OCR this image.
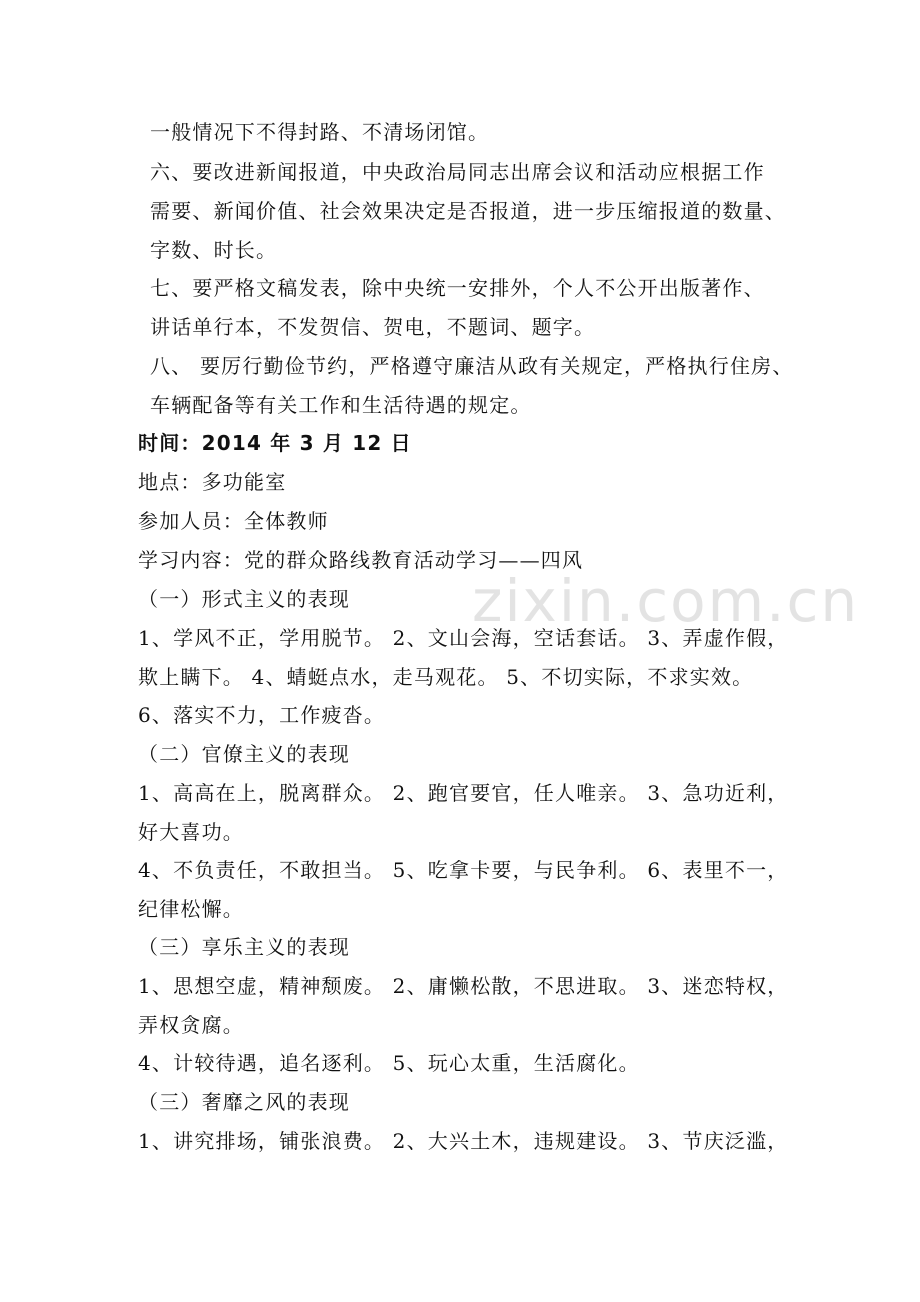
zixin.com.cn
一般情况下不得封路、不清场闭馆。
六、要改进新闻报道，中央政治局同志出席会议和活动应根据工作
需要、新闻价值、社会效果决定是否报道，进一步压缩报道的数量、
字数、时长。
七、要严格文稿发表，除中央统一安排外，个人不公开出版著作、
讲话单行本，不发贺信、贺电，不题词、题字。
八、 要厉行勤俭节约，严格遵守廉洁从政有关规定，严格执行住房、
车辆配备等有关工作和生活待遇的规定。
时间：2014 年 3 月 12 日
地点：多功能室
参加人员：全体教师
学习内容：党的群众路线教育活动学习——四风
（一）形式主义的表现
1、学风不正，学用脱节。 2、文山会海，空话套话。 3、弄虚作假，
欺上瞒下。 4、蜻蜓点水，走马观花。 5、不切实际，不求实效。
6、落实不力，工作疲沓。
（二）官僚主义的表现
1、高高在上，脱离群众。 2、跑官要官，任人唯亲。 3、急功近利，
好大喜功。
4、不负责任，不敢担当。 5、吃拿卡要，与民争利。 6、表里不一，
纪律松懈。
（三）享乐主义的表现
1、思想空虚，精神颓废。 2、庸懒松散，不思进取。 3、迷恋特权，
弄权贪腐。
4、计较待遇，追名逐利。 5、玩心太重，生活腐化。
（三）奢靡之风的表现
1、讲究排场，铺张浪费。 2、大兴土木，违规建设。 3、节庆泛滥，
